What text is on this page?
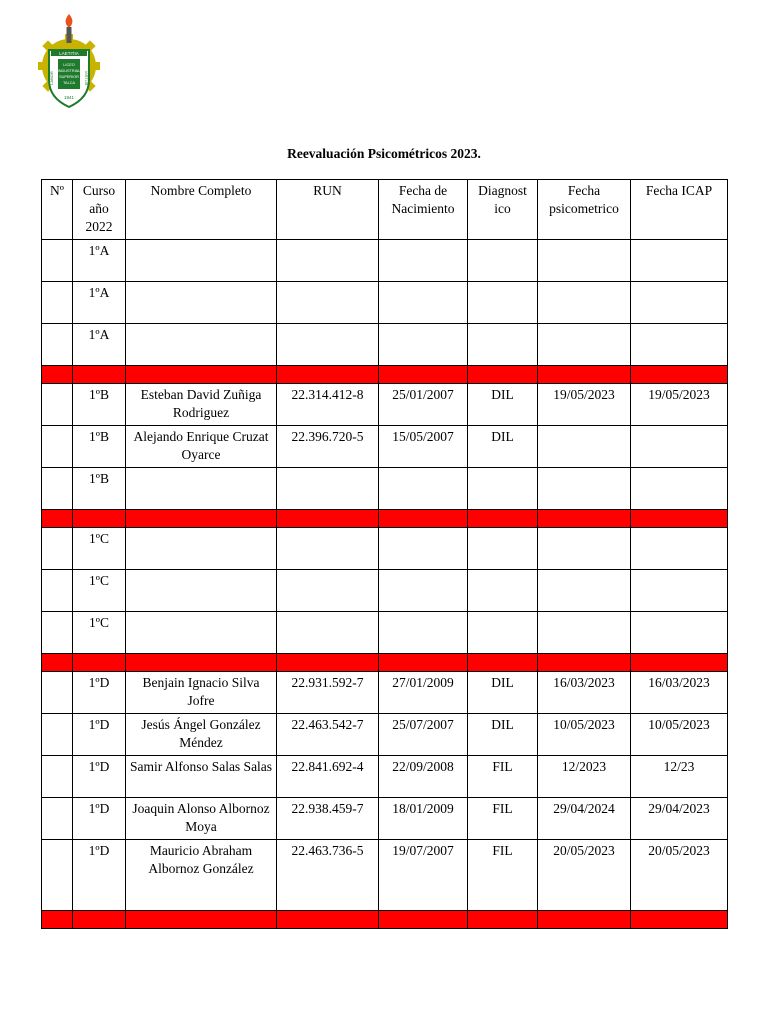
LAETITIA
LICEO
INDUSTRIAL
SUPERIOR
TALCA
LABOR	VIRTUS
1941
Reevaluación Psicométricos 2023.
Nº	Curso año 2022	Nombre Completo	RUN	Fecha de Nacimiento	Diagnost ico	Fecha psicometrico	Fecha ICAP
	1ºA						
	1ºA						
	1ºA						

	1ºB	Esteban David Zuñiga Rodriguez	22.314.412-8	25/01/2007	DIL	19/05/2023	19/05/2023
	1ºB	Alejando Enrique Cruzat Oyarce	22.396.720-5	15/05/2007	DIL		
	1ºB						

	1ºC						
	1ºC						
	1ºC						

	1ºD	Benjain Ignacio Silva Jofre	22.931.592-7	27/01/2009	DIL	16/03/2023	16/03/2023
	1ºD	Jesús Ángel González Méndez	22.463.542-7	25/07/2007	DIL	10/05/2023	10/05/2023
	1ºD	Samir Alfonso Salas Salas	22.841.692-4	22/09/2008	FIL	12/2023	12/23
	1ºD	Joaquin Alonso Albornoz Moya	22.938.459-7	18/01/2009	FIL	29/04/2024	29/04/2023
	1ºD	Mauricio Abraham Albornoz González	22.463.736-5	19/07/2007	FIL	20/05/2023	20/05/2023
